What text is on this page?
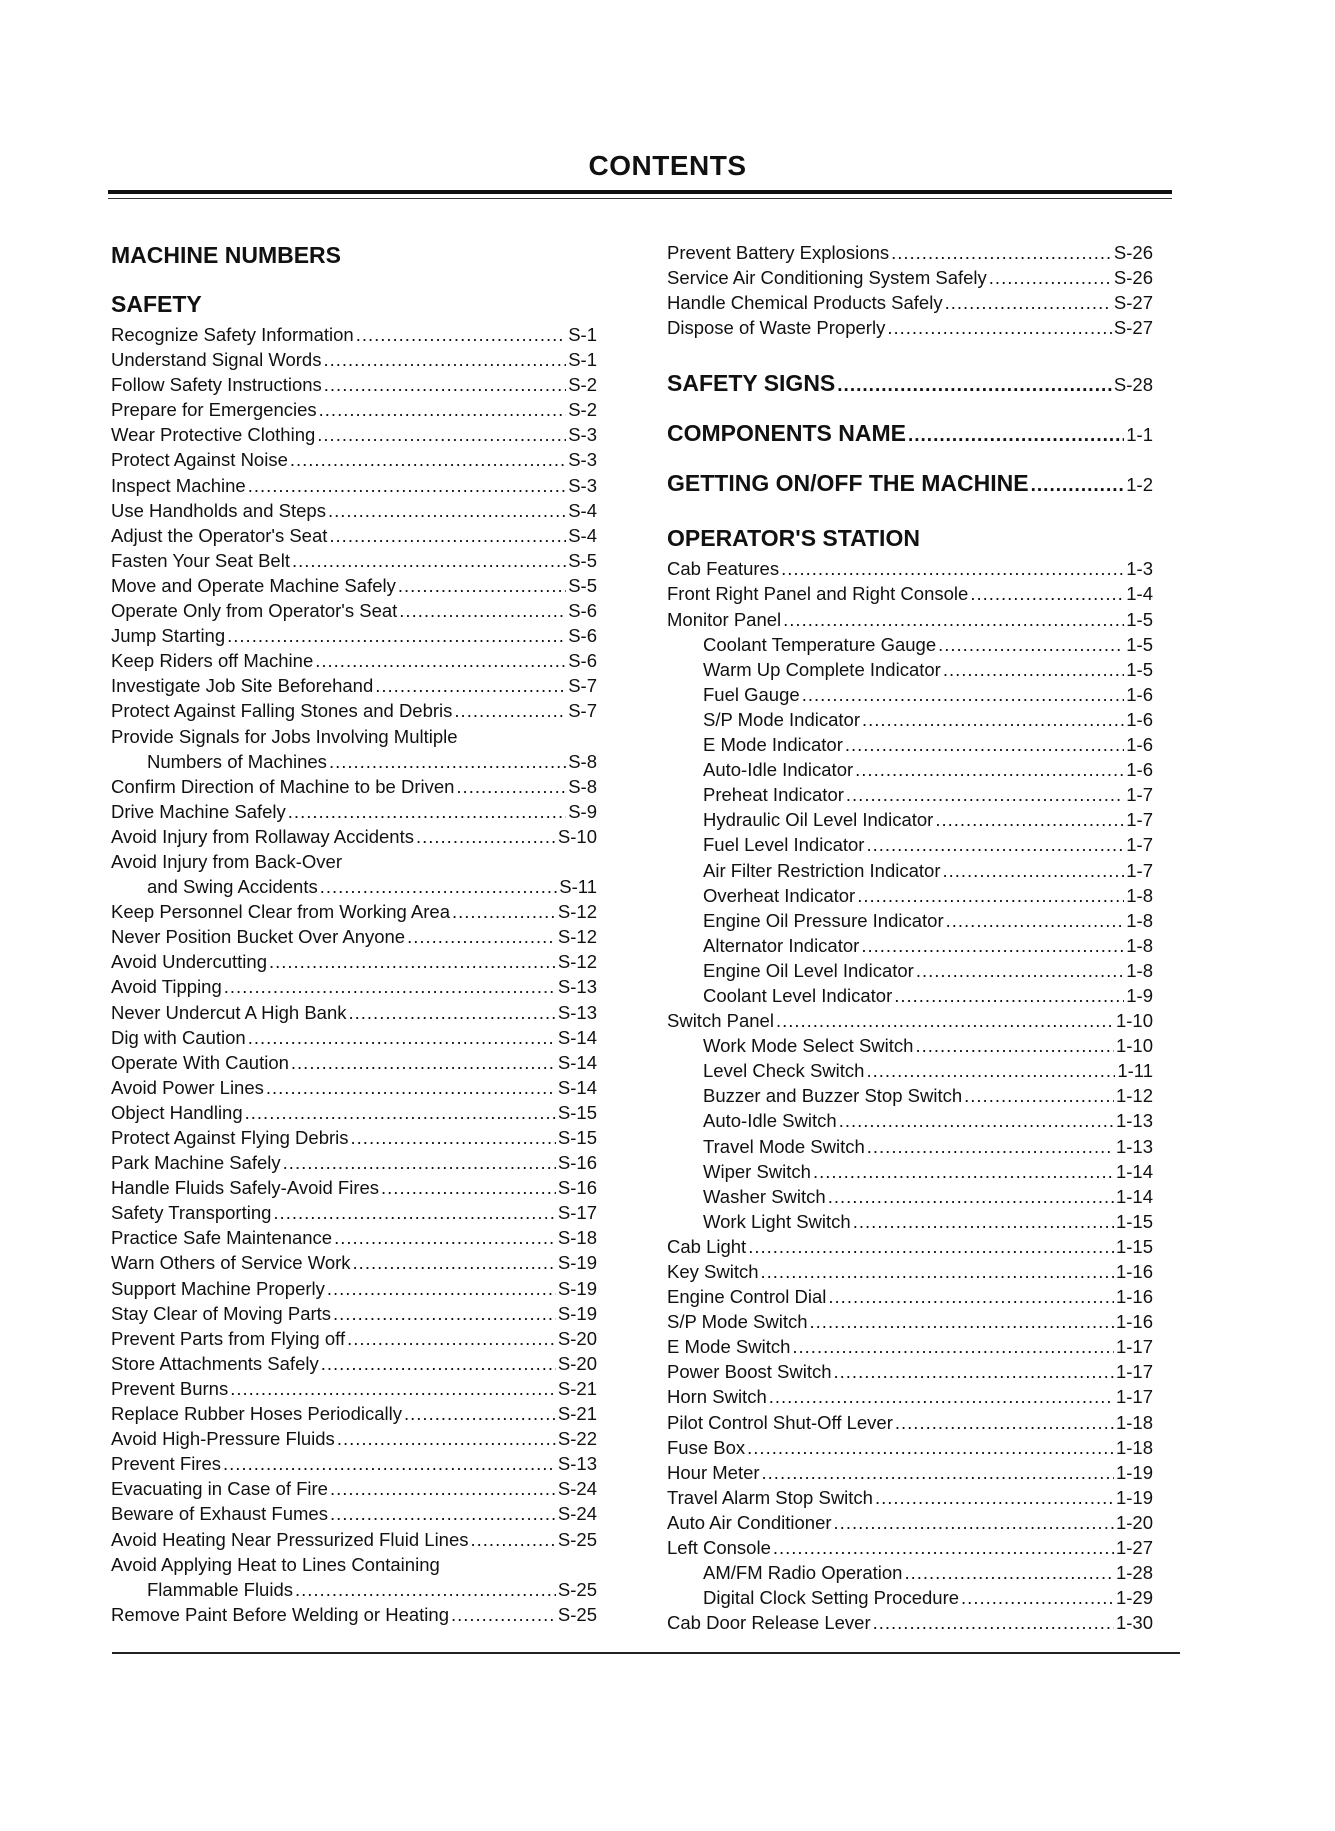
CONTENTS
MACHINE NUMBERS
SAFETY
Recognize Safety Information .....	S-1
Understand Signal Words .....	S-1
Follow Safety Instructions .....	S-2
Prepare for Emergencies .....	S-2
Wear Protective Clothing .....	S-3
Protect Against Noise .....	S-3
Inspect Machine .....	S-3
Use Handholds and Steps .....	S-4
Adjust the Operator's Seat .....	S-4
Fasten Your Seat Belt .....	S-5
Move and Operate Machine Safely .....	S-5
Operate Only from Operator's Seat .....	S-6
Jump Starting .....	S-6
Keep Riders off Machine .....	S-6
Investigate Job Site Beforehand .....	S-7
Protect Against Falling Stones and Debris .....	S-7
Provide Signals for Jobs Involving Multiple
Numbers of Machines .....	S-8
Confirm Direction of Machine to be Driven .....	S-8
Drive Machine Safely .....	S-9
Avoid Injury from Rollaway Accidents .....	S-10
Avoid Injury from Back-Over
and Swing Accidents .....	S-11
Keep Personnel Clear from Working Area .....	S-12
Never Position Bucket Over Anyone .....	S-12
Avoid Undercutting .....	S-12
Avoid Tipping .....	S-13
Never Undercut A High Bank .....	S-13
Dig with Caution .....	S-14
Operate With Caution .....	S-14
Avoid Power Lines .....	S-14
Object Handling .....	S-15
Protect Against Flying Debris .....	S-15
Park Machine Safely .....	S-16
Handle Fluids Safely-Avoid Fires .....	S-16
Safety Transporting .....	S-17
Practice Safe Maintenance .....	S-18
Warn Others of Service Work .....	S-19
Support Machine Properly .....	S-19
Stay Clear of Moving Parts .....	S-19
Prevent Parts from Flying off .....	S-20
Store Attachments Safely .....	S-20
Prevent Burns .....	S-21
Replace Rubber Hoses Periodically .....	S-21
Avoid High-Pressure Fluids .....	S-22
Prevent Fires .....	S-13
Evacuating in Case of Fire .....	S-24
Beware of Exhaust Fumes .....	S-24
Avoid Heating Near Pressurized Fluid Lines .....	S-25
Avoid Applying Heat to Lines Containing
Flammable Fluids .....	S-25
Remove Paint Before Welding or Heating .....	S-25
Prevent Battery Explosions .....	S-26
Service Air Conditioning System Safely .....	S-26
Handle Chemical Products Safely .....	S-27
Dispose of Waste Properly .....	S-27
SAFETY SIGNS .....	S-28
COMPONENTS NAME .....	1-1
GETTING ON/OFF THE MACHINE .....	1-2
OPERATOR'S STATION
Cab Features .....	1-3
Front Right Panel and Right Console .....	1-4
Monitor Panel .....	1-5
Coolant Temperature Gauge .....	1-5
Warm Up Complete Indicator .....	1-5
Fuel Gauge .....	1-6
S/P Mode Indicator .....	1-6
E Mode Indicator .....	1-6
Auto-Idle Indicator .....	1-6
Preheat Indicator .....	1-7
Hydraulic Oil Level Indicator .....	1-7
Fuel Level Indicator .....	1-7
Air Filter Restriction Indicator .....	1-7
Overheat Indicator .....	1-8
Engine Oil Pressure Indicator .....	1-8
Alternator Indicator .....	1-8
Engine Oil Level Indicator .....	1-8
Coolant Level Indicator .....	1-9
Switch Panel .....	1-10
Work Mode Select Switch .....	1-10
Level Check Switch .....	1-11
Buzzer and Buzzer Stop Switch .....	1-12
Auto-Idle Switch .....	1-13
Travel Mode Switch .....	1-13
Wiper Switch .....	1-14
Washer Switch .....	1-14
Work Light Switch .....	1-15
Cab Light .....	1-15
Key Switch .....	1-16
Engine Control Dial .....	1-16
S/P Mode Switch .....	1-16
E Mode Switch .....	1-17
Power Boost Switch .....	1-17
Horn Switch .....	1-17
Pilot Control Shut-Off Lever .....	1-18
Fuse Box .....	1-18
Hour Meter .....	1-19
Travel Alarm Stop Switch .....	1-19
Auto Air Conditioner .....	1-20
Left Console .....	1-27
AM/FM Radio Operation .....	1-28
Digital Clock Setting Procedure .....	1-29
Cab Door Release Lever .....	1-30
